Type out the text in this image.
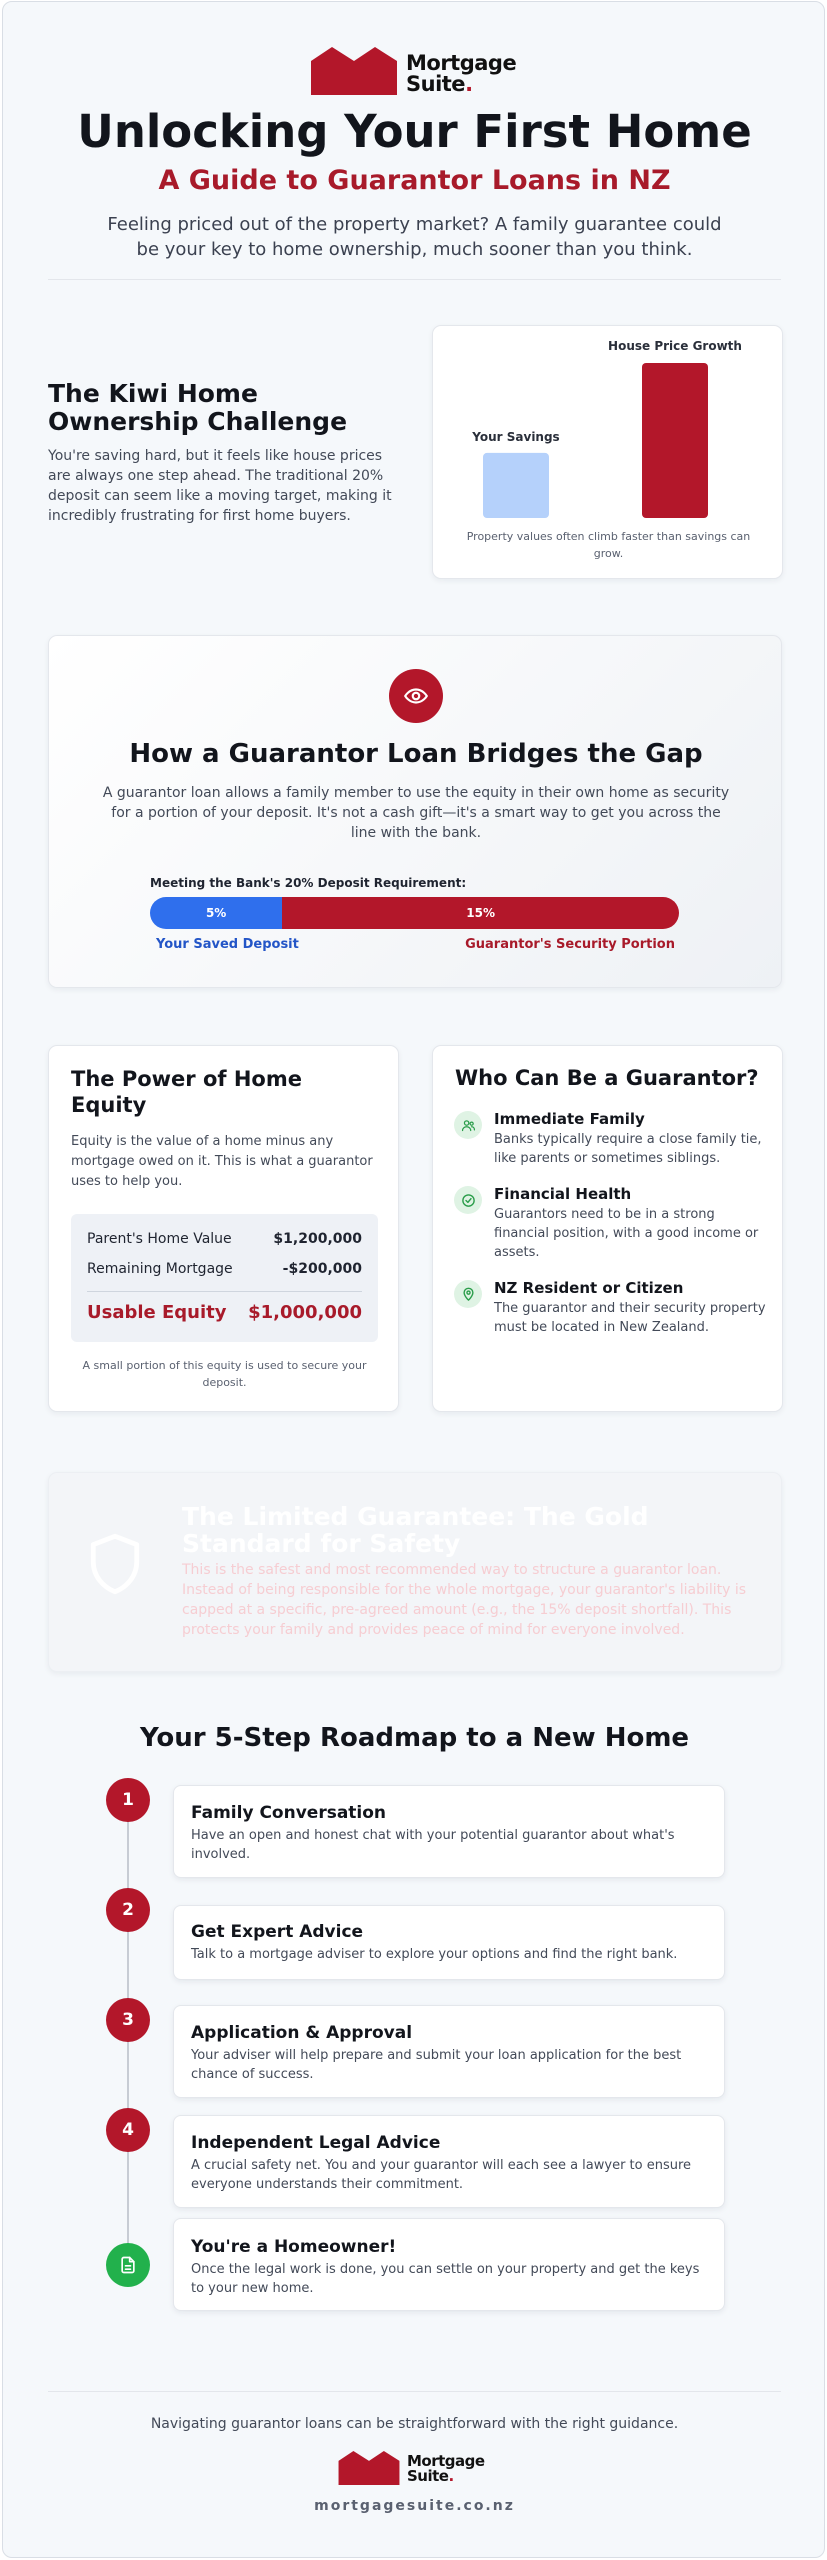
Mortgage
Suite.
Unlocking Your First Home
A Guide to Guarantor Loans in NZ
Feeling priced out of the property market? A family guarantee could be your key to home ownership, much sooner than you think.
The Kiwi Home Ownership Challenge
You're saving hard, but it feels like house prices are always one step ahead. The traditional 20% deposit can seem like a moving target, making it incredibly frustrating for first home buyers.
Your Savings
House Price Growth
Property values often climb faster than savings can grow.
How a Guarantor Loan Bridges the Gap
A guarantor loan allows a family member to use the equity in their own home as security for a portion of your deposit. It's not a cash gift—it's a smart way to get you across the line with the bank.
Meeting the Bank's 20% Deposit Requirement:
5%	15%
Your Saved Deposit	Guarantor's Security Portion
The Power of Home Equity
Equity is the value of a home minus any mortgage owed on it. This is what a guarantor uses to help you.
Parent's Home Value	$1,200,000
Remaining Mortgage	-$200,000
Usable Equity $1,000,000
A small portion of this equity is used to secure your deposit.
Who Can Be a Guarantor?
Immediate Family
Banks typically require a close family tie, like parents or sometimes siblings.
Financial Health
Guarantors need to be in a strong financial position, with a good income or assets.
NZ Resident or Citizen
The guarantor and their security property must be located in New Zealand.
The Limited Guarantee: The Gold Standard for Safety
This is the safest and most recommended way to structure a guarantor loan. Instead of being responsible for the whole mortgage, your guarantor's liability is capped at a specific, pre-agreed amount (e.g., the 15% deposit shortfall). This protects your family and provides peace of mind for everyone involved.
Your 5-Step Roadmap to a New Home
1
Family Conversation
Have an open and honest chat with your potential guarantor about what's involved.
2
Get Expert Advice
Talk to a mortgage adviser to explore your options and find the right bank.
3
Application & Approval
Your adviser will help prepare and submit your loan application for the best chance of success.
4
Independent Legal Advice
A crucial safety net. You and your guarantor will each see a lawyer to ensure everyone understands their commitment.
You're a Homeowner!
Once the legal work is done, you can settle on your property and get the keys to your new home.
Navigating guarantor loans can be straightforward with the right guidance.
Mortgage
Suite.
mortgagesuite.co.nz
